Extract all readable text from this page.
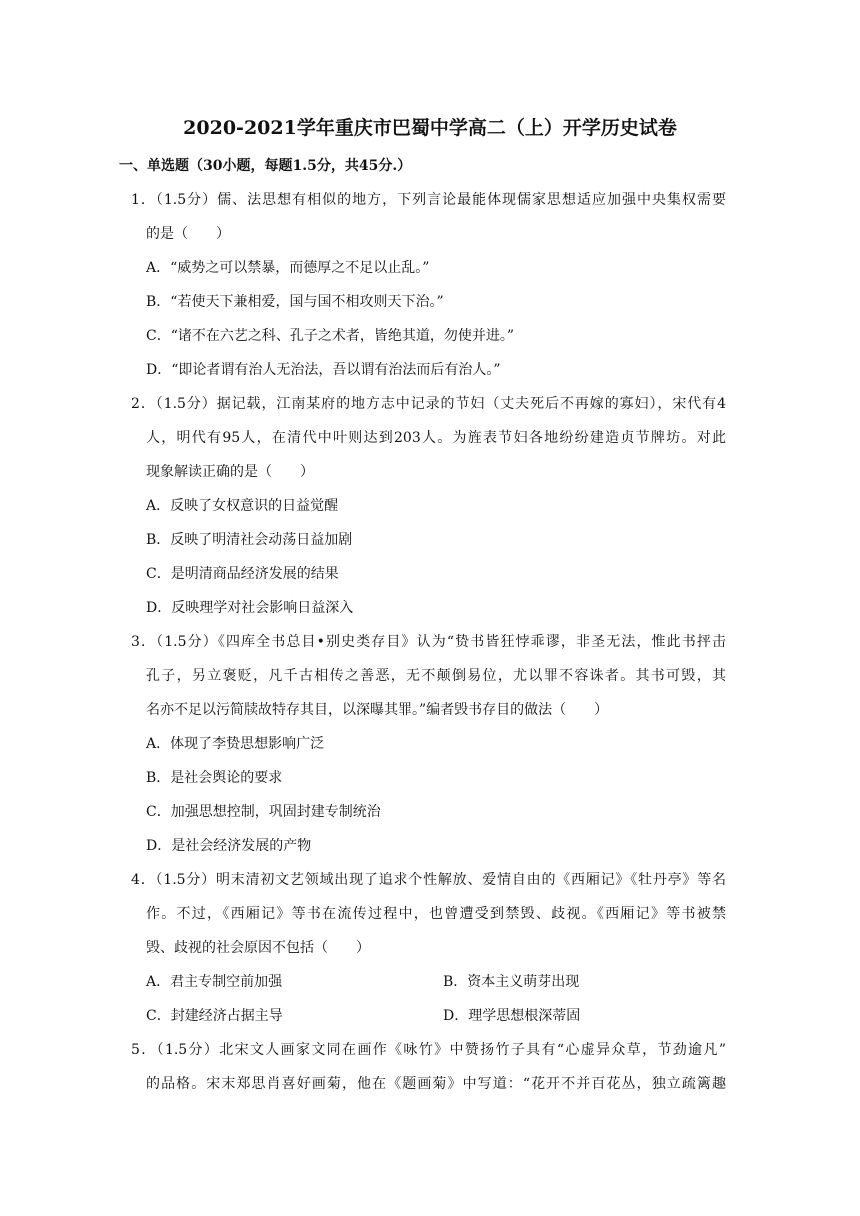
2020-2021学年重庆市巴蜀中学高二（上）开学历史试卷
一、单选题（30小题，每题1.5分，共45分.）
1．（1.5分）儒、法思想有相似的地方，下列言论最能体现儒家思想适应加强中央集权需要
的是（　　）
A．“威势之可以禁暴，而德厚之不足以止乱。”
B．“若使天下兼相爱，国与国不相攻则天下治。”
C．“诸不在六艺之科、孔子之术者，皆绝其道，勿使并进。”
D．“即论者谓有治人无治法，吾以谓有治法而后有治人。”
2．（1.5分）据记载，江南某府的地方志中记录的节妇（丈夫死后不再嫁的寡妇），宋代有4
人，明代有95人，在清代中叶则达到203人。为旌表节妇各地纷纷建造贞节牌坊。对此
现象解读正确的是（　　）
A．反映了女权意识的日益觉醒
B．反映了明清社会动荡日益加剧
C．是明清商品经济发展的结果
D．反映理学对社会影响日益深入
3．（1.5分）《四库全书总目•别史类存目》认为“贽书皆狂悖乖谬，非圣无法，惟此书抨击
孔子，另立褒贬，凡千古相传之善恶，无不颠倒易位，尤以罪不容诛者。其书可毁，其
名亦不足以污简牍故特存其目，以深曝其罪。”编者毁书存目的做法（　　）
A．体现了李贽思想影响广泛
B．是社会舆论的要求
C．加强思想控制，巩固封建专制统治
D．是社会经济发展的产物
4．（1.5分）明末清初文艺领域出现了追求个性解放、爱情自由的《西厢记》《牡丹亭》等名
作。不过，《西厢记》等书在流传过程中，也曾遭受到禁毁、歧视。《西厢记》等书被禁
毁、歧视的社会原因不包括（　　）
A．君主专制空前加强	B．资本主义萌芽出现
C．封建经济占据主导	D．理学思想根深蒂固
5．（1.5分）北宋文人画家文同在画作《咏竹》中赞扬竹子具有“心虚异众草，节劲逾凡”
的品格。宋末郑思肖喜好画菊，他在《题画菊》中写道：“花开不并百花丛，独立疏篱趣
